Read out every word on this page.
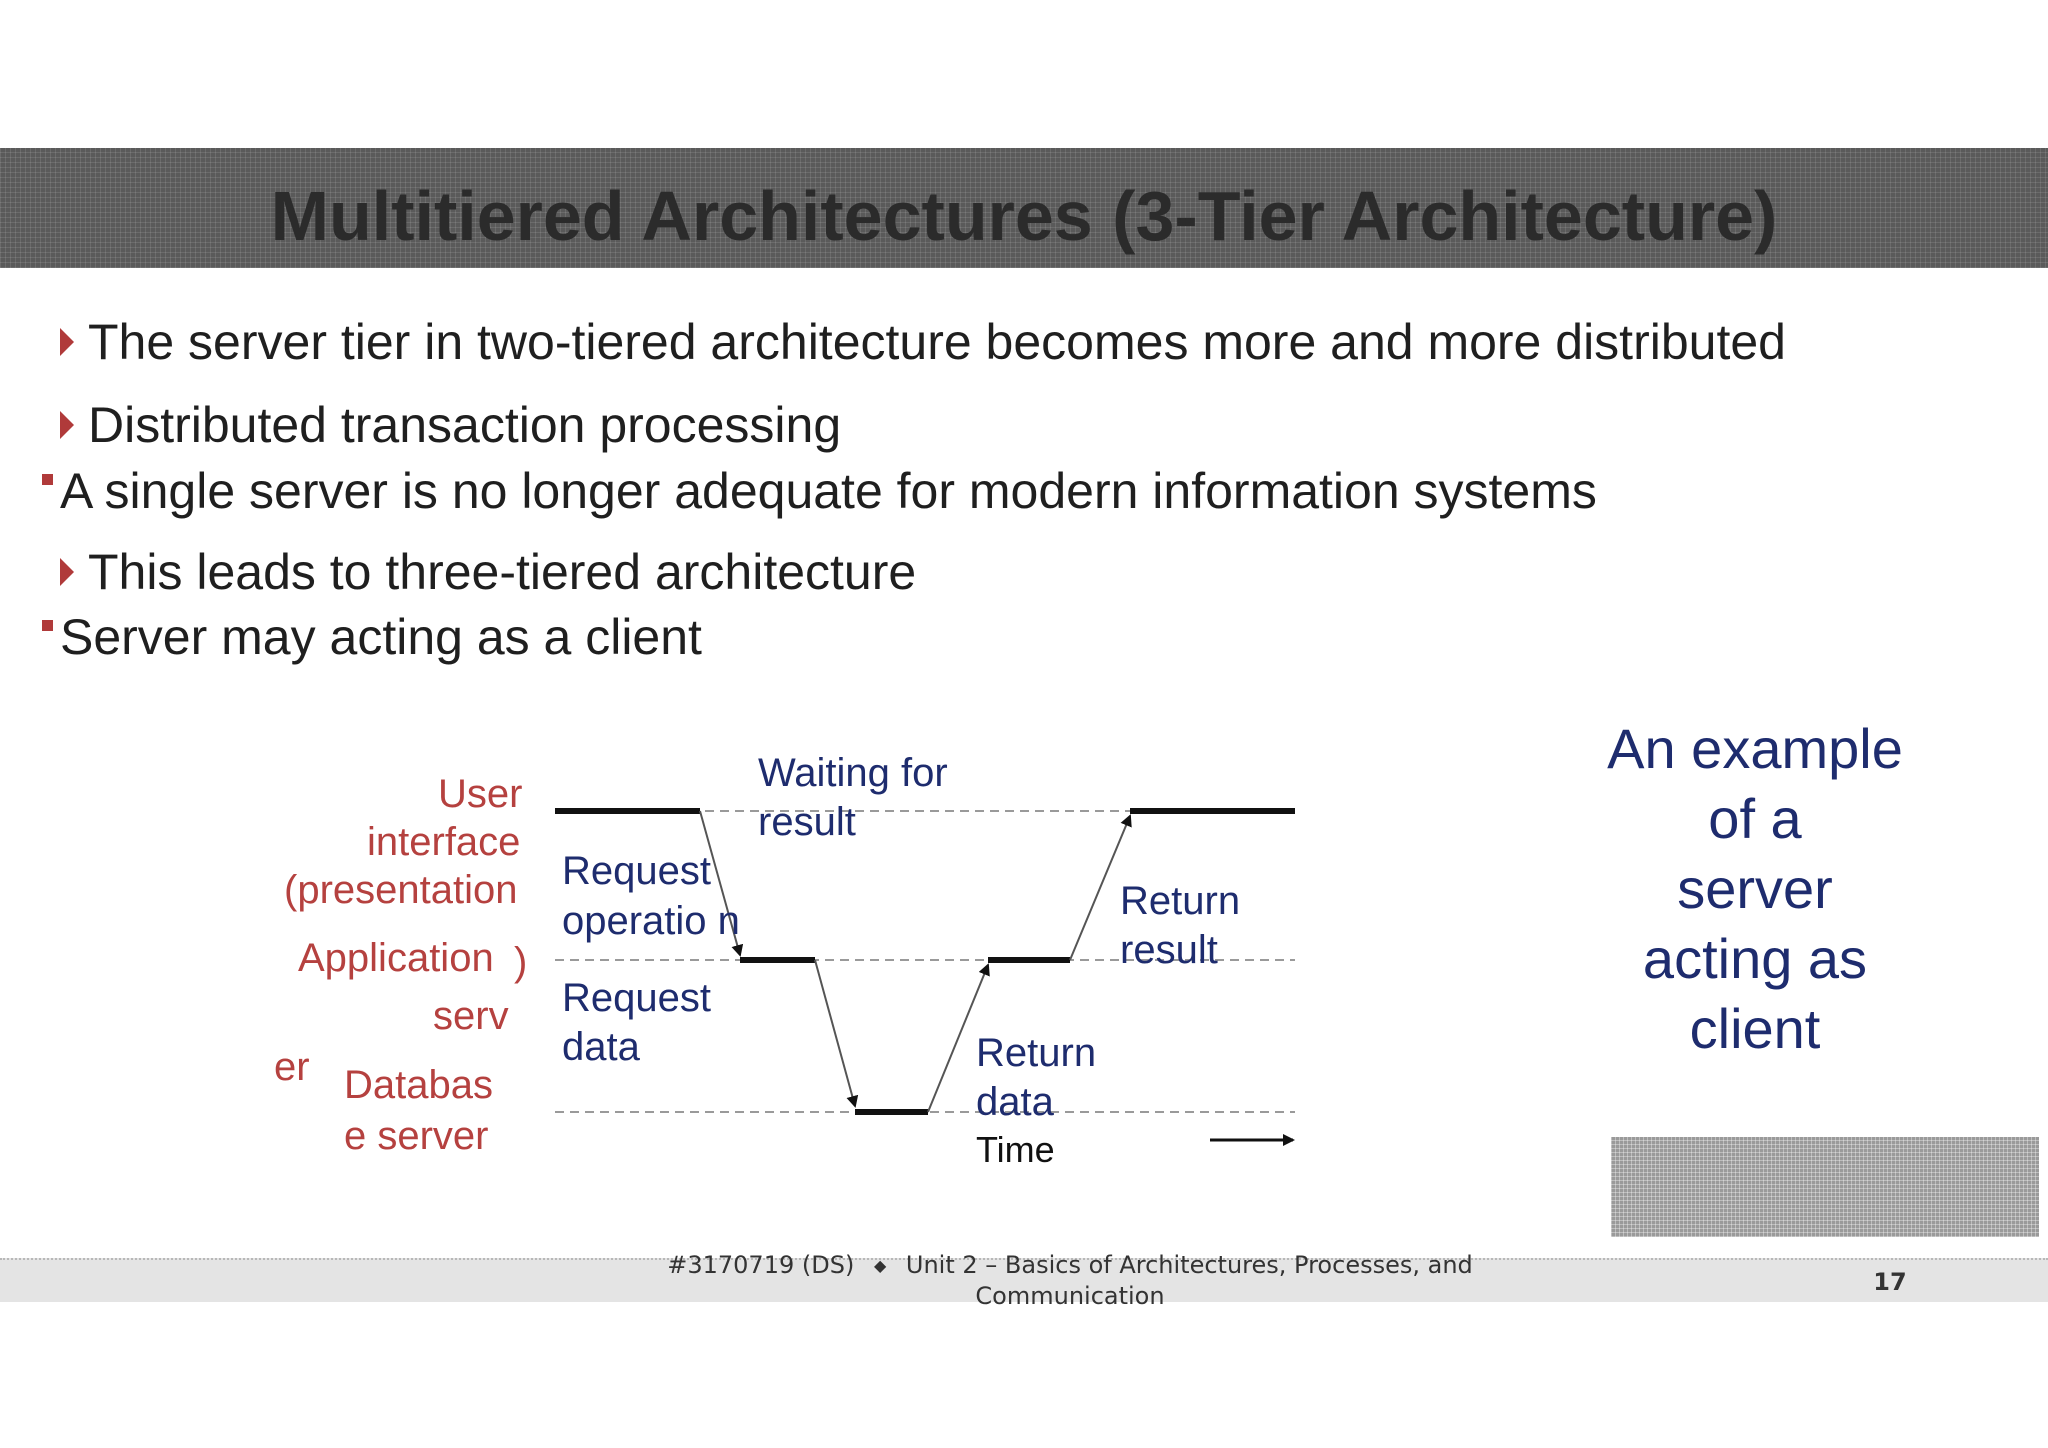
Multitiered Architectures (3-Tier Architecture)
The server tier in two-tiered architecture becomes more and more distributed
Distributed transaction processing
A single server is no longer adequate for modern information systems
This leads to three-tiered architecture
Server may acting as a client
User
interface
(presentation
)
Application
serv
er Databas
e server
Waiting for
result
Request
operatio n
Request
data
Return
result
Return
data
Time
An example
of a
server
acting as
client
#3170719 (DS) ◆ Unit 2 – Basics of Architectures, Processes, and
Communication	17
